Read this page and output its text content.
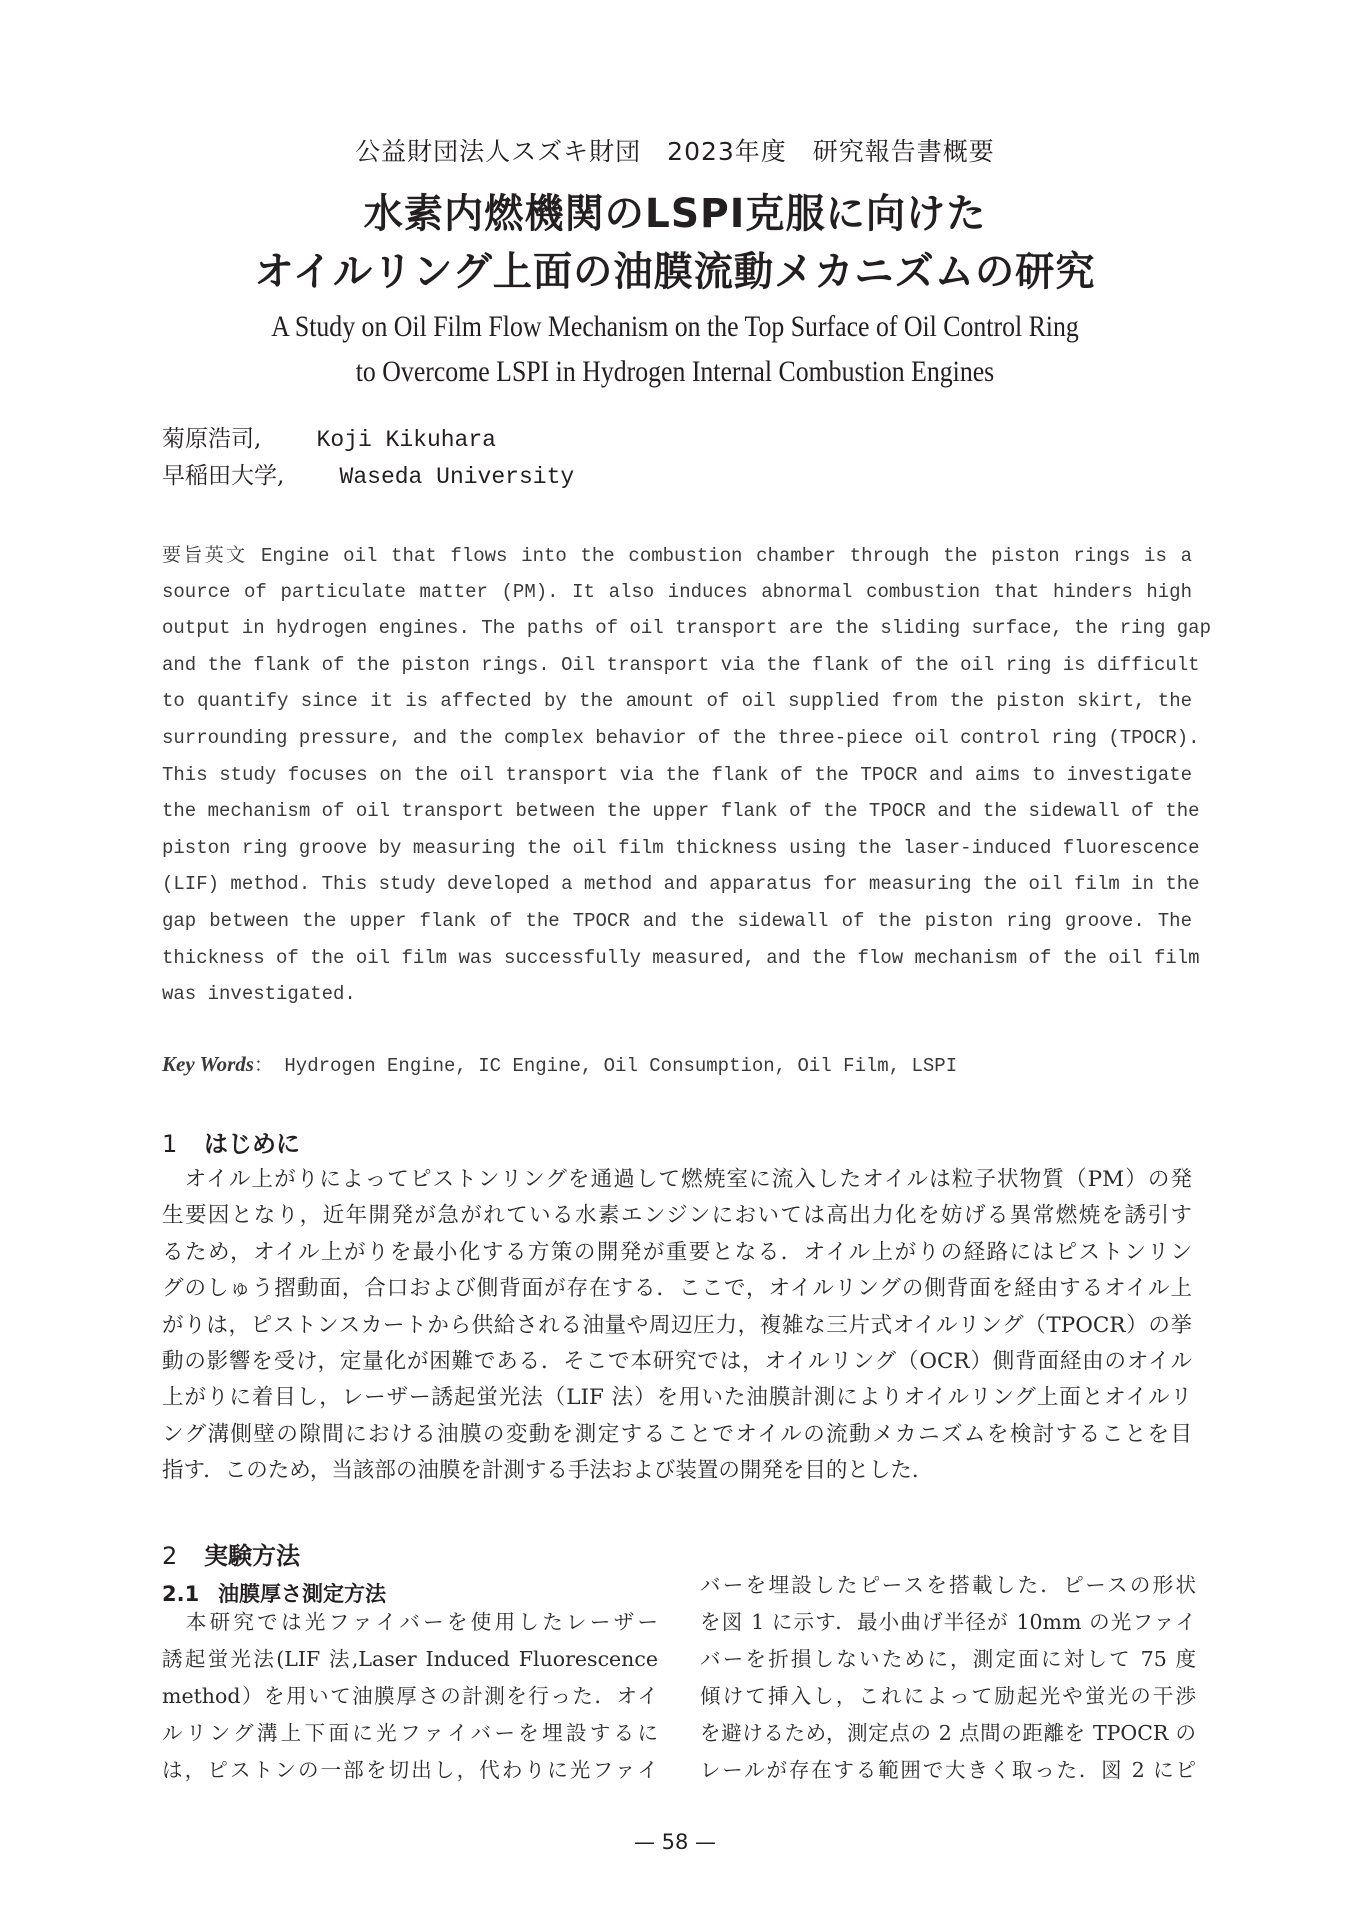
公益財団法人スズキ財団　2023年度　研究報告書概要
水素内燃機関のLSPI克服に向けた
オイルリング上面の油膜流動メカニズムの研究
A Study on Oil Film Flow Mechanism on the Top Surface of Oil Control Ring
to Overcome LSPI in Hydrogen Internal Combustion Engines
菊原浩司, Koji Kikuhara
早稲田大学, Waseda University
要旨英文 Engine oil that flows into the combustion chamber through the piston rings is a
source of particulate matter (PM). It also induces abnormal combustion that hinders high
output in hydrogen engines. The paths of oil transport are the sliding surface, the ring gap
and the flank of the piston rings. Oil transport via the flank of the oil ring is difficult
to quantify since it is affected by the amount of oil supplied from the piston skirt, the
surrounding pressure, and the complex behavior of the three-piece oil control ring (TPOCR).
This study focuses on the oil transport via the flank of the TPOCR and aims to investigate
the mechanism of oil transport between the upper flank of the TPOCR and the sidewall of the
piston ring groove by measuring the oil film thickness using the laser-induced fluorescence
(LIF) method. This study developed a method and apparatus for measuring the oil film in the
gap between the upper flank of the TPOCR and the sidewall of the piston ring groove. The
thickness of the oil film was successfully measured, and the flow mechanism of the oil film
was investigated.
Key Words： Hydrogen Engine, IC Engine, Oil Consumption, Oil Film, LSPI
1 はじめに
　オイル上がりによってピストンリングを通過して燃焼室に流入したオイルは粒子状物質（PM）の発
生要因となり，近年開発が急がれている水素エンジンにおいては高出力化を妨げる異常燃焼を誘引す
るため，オイル上がりを最小化する方策の開発が重要となる．オイル上がりの経路にはピストンリン
グのしゅう摺動面，合口および側背面が存在する．ここで，オイルリングの側背面を経由するオイル上
がりは，ピストンスカートから供給される油量や周辺圧力，複雑な三片式オイルリング（TPOCR）の挙
動の影響を受け，定量化が困難である．そこで本研究では，オイルリング（OCR）側背面経由のオイル
上がりに着目し，レーザー誘起蛍光法（LIF 法）を用いた油膜計測によりオイルリング上面とオイルリ
ング溝側壁の隙間における油膜の変動を測定することでオイルの流動メカニズムを検討することを目
指す．このため，当該部の油膜を計測する手法および装置の開発を目的とした．
2 実験方法
2.1 油膜厚さ測定方法
　本研究では光ファイバーを使用したレーザー
誘起蛍光法(LIF 法,Laser Induced Fluorescence
method）を用いて油膜厚さの計測を行った．オイ
ルリング溝上下面に光ファイバーを埋設するに
は，ピストンの一部を切出し，代わりに光ファイ
バーを埋設したピースを搭載した．ピースの形状
を図 1 に示す．最小曲げ半径が 10mm の光ファイ
バーを折損しないために，測定面に対して 75 度
傾けて挿入し，これによって励起光や蛍光の干渉
を避けるため，測定点の 2 点間の距離を TPOCR の
レールが存在する範囲で大きく取った．図 2 にピ
— 58 —
